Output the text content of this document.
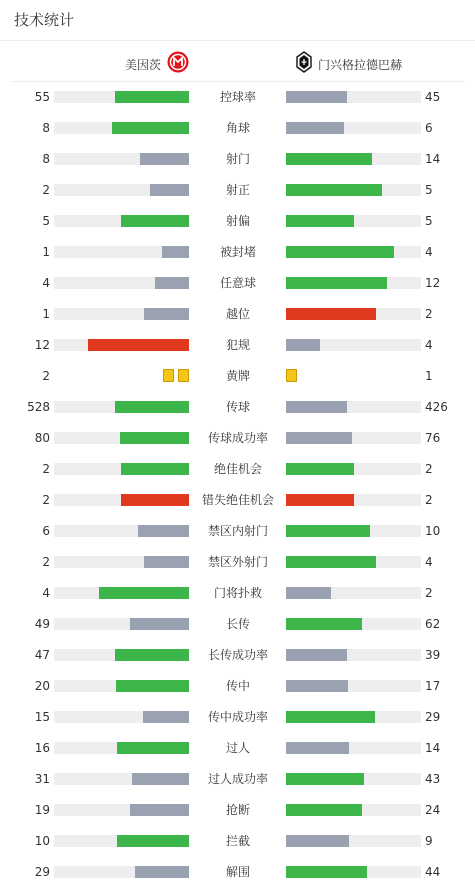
技术统计
美因茨	门兴格拉德巴赫
55	控球率	45
8	角球	6
8	射门	14
2	射正	5
5	射偏	5
1	被封堵	4
4	任意球	12
1	越位	2
12	犯规	4
2	黄牌	1
528	传球	426
80	传球成功率	76
2	绝佳机会	2
2	错失绝佳机会	2
6	禁区内射门	10
2	禁区外射门	4
4	门将扑救	2
49	长传	62
47	长传成功率	39
20	传中	17
15	传中成功率	29
16	过人	14
31	过人成功率	43
19	抢断	24
10	拦截	9
29	解围	44
